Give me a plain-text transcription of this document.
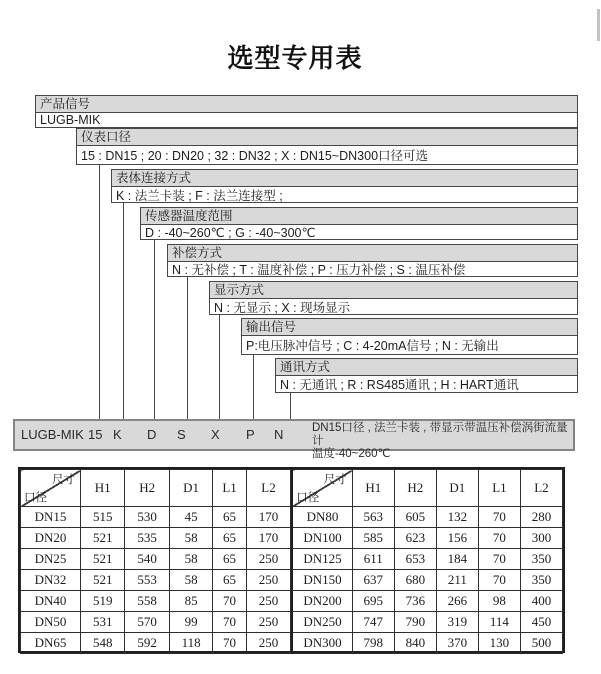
选型专用表
产品信号
LUGB-MIK
仪表口径
15 : DN15 ; 20 : DN20 ; 32 : DN32 ; X : DN15~DN300口径可选
表体连接方式
K : 法兰卡装 ; F : 法兰连接型 ;
传感器温度范围
D : -40~260℃ ; G : -40~300℃
补偿方式
N : 无补偿 ; T : 温度补偿 ; P : 压力补偿 ; S : 温压补偿
显示方式
N : 无显示 ; X : 现场显示
输出信号
P:电压脉冲信号 ; C : 4-20mA信号 ; N : 无输出
通讯方式
N : 无通讯 ; R : RS485通讯 ; H : HART通讯
LUGB-MIK 15 K D S X P N DN15口径 , 法兰卡装 , 带显示带温压补偿涡街流量计
温度-40~260℃
尺寸
口径	H1	H2	D1	L1	L2
DN15	515	530	45	65	170
DN20	521	535	58	65	170
DN25	521	540	58	65	250
DN32	521	553	58	65	250
DN40	519	558	85	70	250
DN50	531	570	99	70	250
DN65	548	592	118	70	250
尺寸
口径	H1	H2	D1	L1	L2
DN80	563	605	132	70	280
DN100	585	623	156	70	300
DN125	611	653	184	70	350
DN150	637	680	211	70	350
DN200	695	736	266	98	400
DN250	747	790	319	114	450
DN300	798	840	370	130	500
